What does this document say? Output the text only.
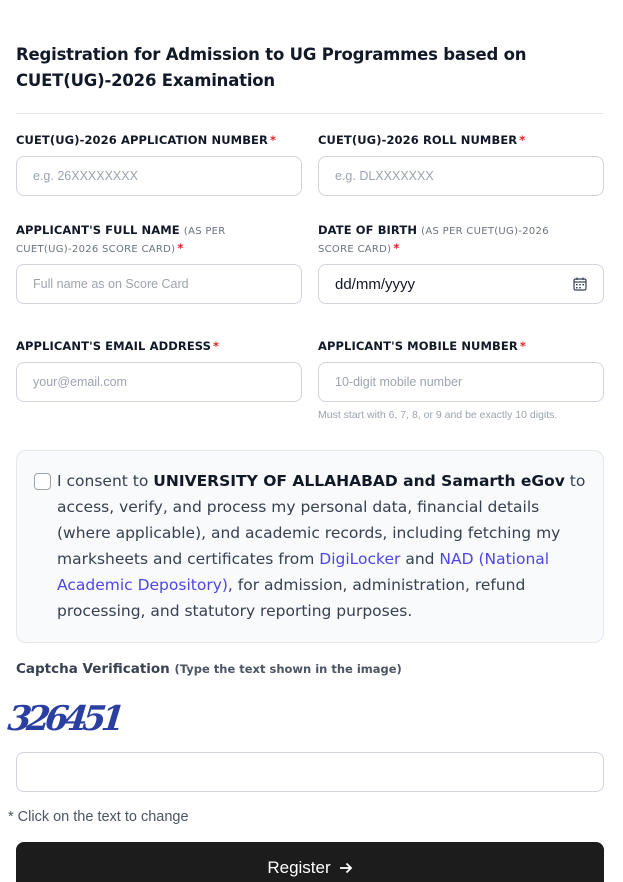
Registration for Admission to UG Programmes based on CUET(UG)-2026 Examination
CUET(UG)-2026 APPLICATION NUMBER *
e.g. 26XXXXXXXX
CUET(UG)-2026 ROLL NUMBER *
e.g. DLXXXXXXX
APPLICANT'S FULL NAME (AS PER CUET(UG)-2026 SCORE CARD) *
Full name as on Score Card
DATE OF BIRTH (AS PER CUET(UG)-2026 SCORE CARD) *
dd/mm/yyyy
APPLICANT'S EMAIL ADDRESS *
your@email.com
APPLICANT'S MOBILE NUMBER *
10-digit mobile number
Must start with 6, 7, 8, or 9 and be exactly 10 digits.
I consent to UNIVERSITY OF ALLAHABAD and Samarth eGov to access, verify, and process my personal data, financial details (where applicable), and academic records, including fetching my marksheets and certificates from DigiLocker and NAD (National Academic Depository), for admission, administration, refund processing, and statutory reporting purposes.
Captcha Verification (Type the text shown in the image)
326451
* Click on the text to change
Register
